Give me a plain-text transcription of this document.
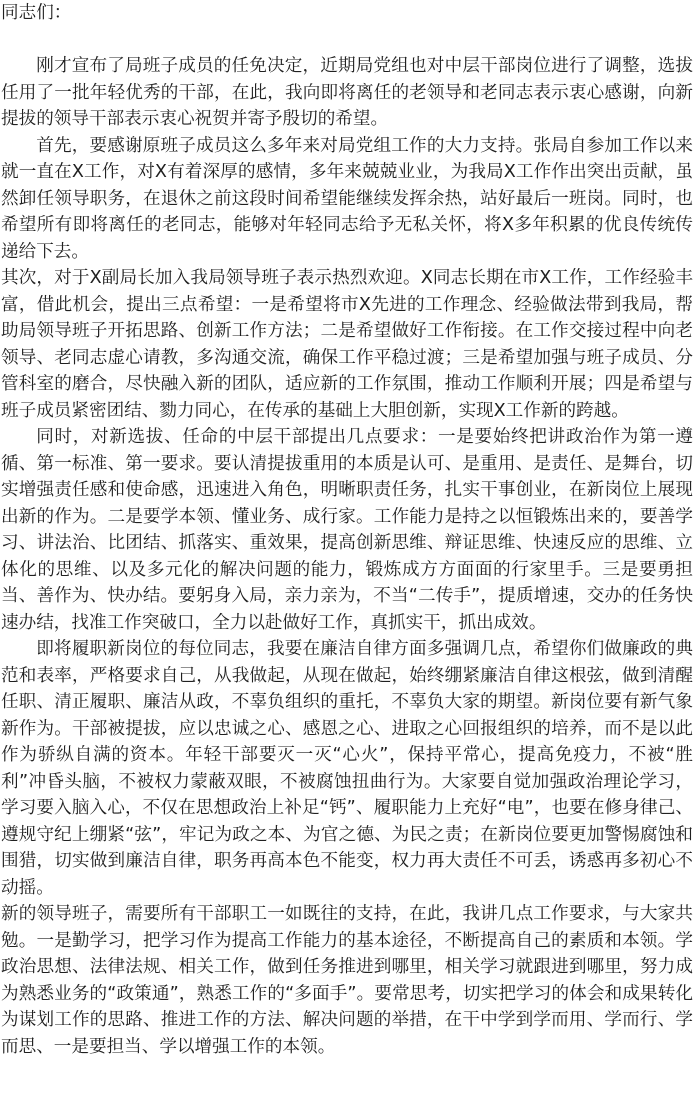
同志们：

刚才宣布了局班子成员的任免决定，近期局党组也对中层干部岗位进行了调整，选拔任用了一批年轻优秀的干部，在此，我向即将离任的老领导和老同志表示衷心感谢，向新提拔的领导干部表示衷心祝贺并寄予殷切的希望。

首先，要感谢原班子成员这么多年来对局党组工作的大力支持。张局自参加工作以来就一直在X工作，对X有着深厚的感情，多年来兢兢业业，为我局X工作作出突出贡献，虽然卸任领导职务，在退休之前这段时间希望能继续发挥余热，站好最后一班岗。同时，也希望所有即将离任的老同志，能够对年轻同志给予无私关怀，将X多年积累的优良传统传递给下去。

其次，对于X副局长加入我局领导班子表示热烈欢迎。X同志长期在市X工作，工作经验丰富，借此机会，提出三点希望：一是希望将市X先进的工作理念、经验做法带到我局，帮助局领导班子开拓思路、创新工作方法；二是希望做好工作衔接。在工作交接过程中向老领导、老同志虚心请教，多沟通交流，确保工作平稳过渡；三是希望加强与班子成员、分管科室的磨合，尽快融入新的团队，适应新的工作氛围，推动工作顺利开展；四是希望与班子成员紧密团结、勠力同心，在传承的基础上大胆创新，实现X工作新的跨越。

同时，对新选拔、任命的中层干部提出几点要求：一是要始终把讲政治作为第一遵循、第一标准、第一要求。要认清提拔重用的本质是认可、是重用、是责任、是舞台，切实增强责任感和使命感，迅速进入角色，明晰职责任务，扎实干事创业，在新岗位上展现出新的作为。二是要学本领、懂业务、成行家。工作能力是持之以恒锻炼出来的，要善学习、讲法治、比团结、抓落实、重效果，提高创新思维、辩证思维、快速反应的思维、立体化的思维、以及多元化的解决问题的能力，锻炼成方方面面的行家里手。三是要勇担当、善作为、快办结。要躬身入局，亲力亲为，不当“二传手”，提质增速，交办的任务快速办结，找准工作突破口，全力以赴做好工作，真抓实干，抓出成效。

即将履职新岗位的每位同志，我要在廉洁自律方面多强调几点，希望你们做廉政的典范和表率，严格要求自己，从我做起，从现在做起，始终绷紧廉洁自律这根弦，做到清醒任职、清正履职、廉洁从政，不辜负组织的重托，不辜负大家的期望。新岗位要有新气象新作为。干部被提拔，应以忠诚之心、感恩之心、进取之心回报组织的培养，而不是以此作为骄纵自满的资本。年轻干部要灭一灭“心火”，保持平常心，提高免疫力，不被“胜利”冲昏头脑，不被权力蒙蔽双眼，不被腐蚀扭曲行为。大家要自觉加强政治理论学习，学习要入脑入心，不仅在思想政治上补足“钙”、履职能力上充好“电”，也要在修身律己、遵规守纪上绷紧“弦”，牢记为政之本、为官之德、为民之责；在新岗位要更加警惕腐蚀和围猎，切实做到廉洁自律，职务再高本色不能变，权力再大责任不可丢，诱惑再多初心不动摇。

新的领导班子，需要所有干部职工一如既往的支持，在此，我讲几点工作要求，与大家共勉。一是勤学习，把学习作为提高工作能力的基本途径，不断提高自己的素质和本领。学政治思想、法律法规、相关工作，做到任务推进到哪里，相关学习就跟进到哪里，努力成为熟悉业务的“政策通”，熟悉工作的“多面手”。要常思考，切实把学习的体会和成果转化为谋划工作的思路、推进工作的方法、解决问题的举措，在干中学到学而用、学而行、学而思、一是要担当、学以增强工作的本领。
